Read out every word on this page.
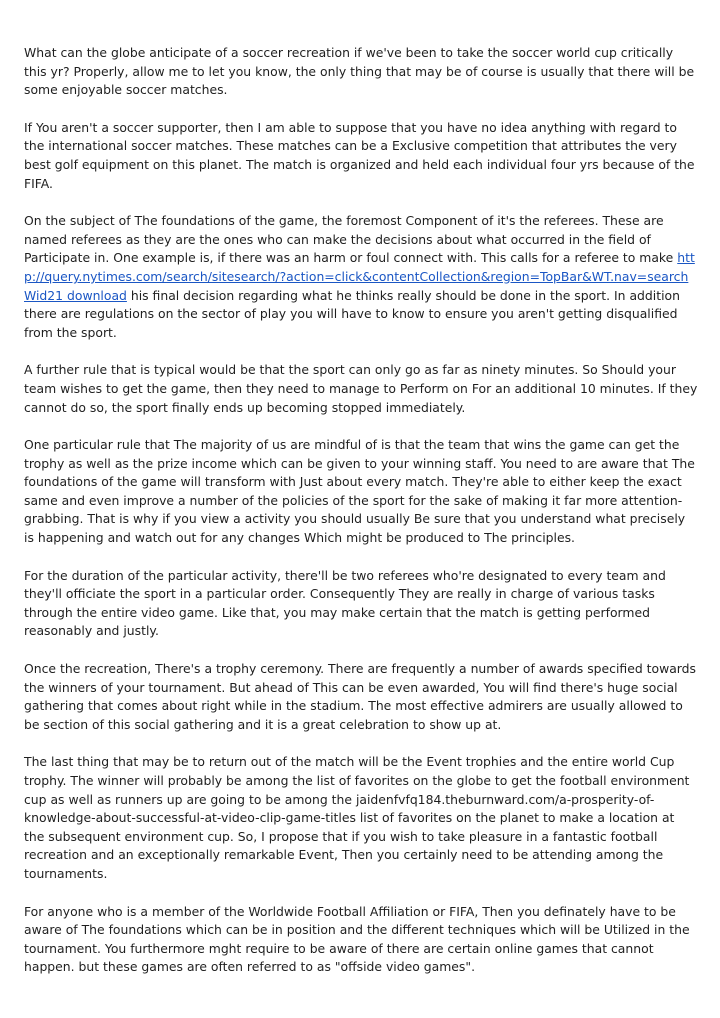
What can the globe anticipate of a soccer recreation if we've been to take the soccer world cup critically this yr? Properly, allow me to let you know, the only thing that may be of course is usually that there will be some enjoyable soccer matches.

If You aren't a soccer supporter, then I am able to suppose that you have no idea anything with regard to the international soccer matches. These matches can be a Exclusive competition that attributes the very best golf equipment on this planet. The match is organized and held each individual four yrs because of the FIFA.

On the subject of The foundations of the game, the foremost Component of it's the referees. These are named referees as they are the ones who can make the decisions about what occurred in the field of Participate in. One example is, if there was an harm or foul connect with. This calls for a referee to make http://query.nytimes.com/search/sitesearch/?action=click&contentCollection&region=TopBar&WT.nav=searchWid21 download his final decision regarding what he thinks really should be done in the sport. In addition there are regulations on the sector of play you will have to know to ensure you aren't getting disqualified from the sport.

A further rule that is typical would be that the sport can only go as far as ninety minutes. So Should your team wishes to get the game, then they need to manage to Perform on For an additional 10 minutes. If they cannot do so, the sport finally ends up becoming stopped immediately.

One particular rule that The majority of us are mindful of is that the team that wins the game can get the trophy as well as the prize income which can be given to your winning staff. You need to are aware that The foundations of the game will transform with Just about every match. They're able to either keep the exact same and even improve a number of the policies of the sport for the sake of making it far more attention-grabbing. That is why if you view a activity you should usually Be sure that you understand what precisely is happening and watch out for any changes Which might be produced to The principles.

For the duration of the particular activity, there'll be two referees who're designated to every team and they'll officiate the sport in a particular order. Consequently They are really in charge of various tasks through the entire video game. Like that, you may make certain that the match is getting performed reasonably and justly.

Once the recreation, There's a trophy ceremony. There are frequently a number of awards specified towards the winners of your tournament. But ahead of This can be even awarded, You will find there's huge social gathering that comes about right while in the stadium. The most effective admirers are usually allowed to be section of this social gathering and it is a great celebration to show up at.

The last thing that may be to return out of the match will be the Event trophies and the entire world Cup trophy. The winner will probably be among the list of favorites on the globe to get the football environment cup as well as runners up are going to be among the jaidenfvfq184.theburnward.com/a-prosperity-of-knowledge-about-successful-at-video-clip-game-titles list of favorites on the planet to make a location at the subsequent environment cup. So, I propose that if you wish to take pleasure in a fantastic football recreation and an exceptionally remarkable Event, Then you certainly need to be attending among the tournaments.

For anyone who is a member of the Worldwide Football Affiliation or FIFA, Then you definately have to be aware of The foundations which can be in position and the different techniques which will be Utilized in the tournament. You furthermore mght require to be aware of there are certain online games that cannot happen. but these games are often referred to as "offside video games".
